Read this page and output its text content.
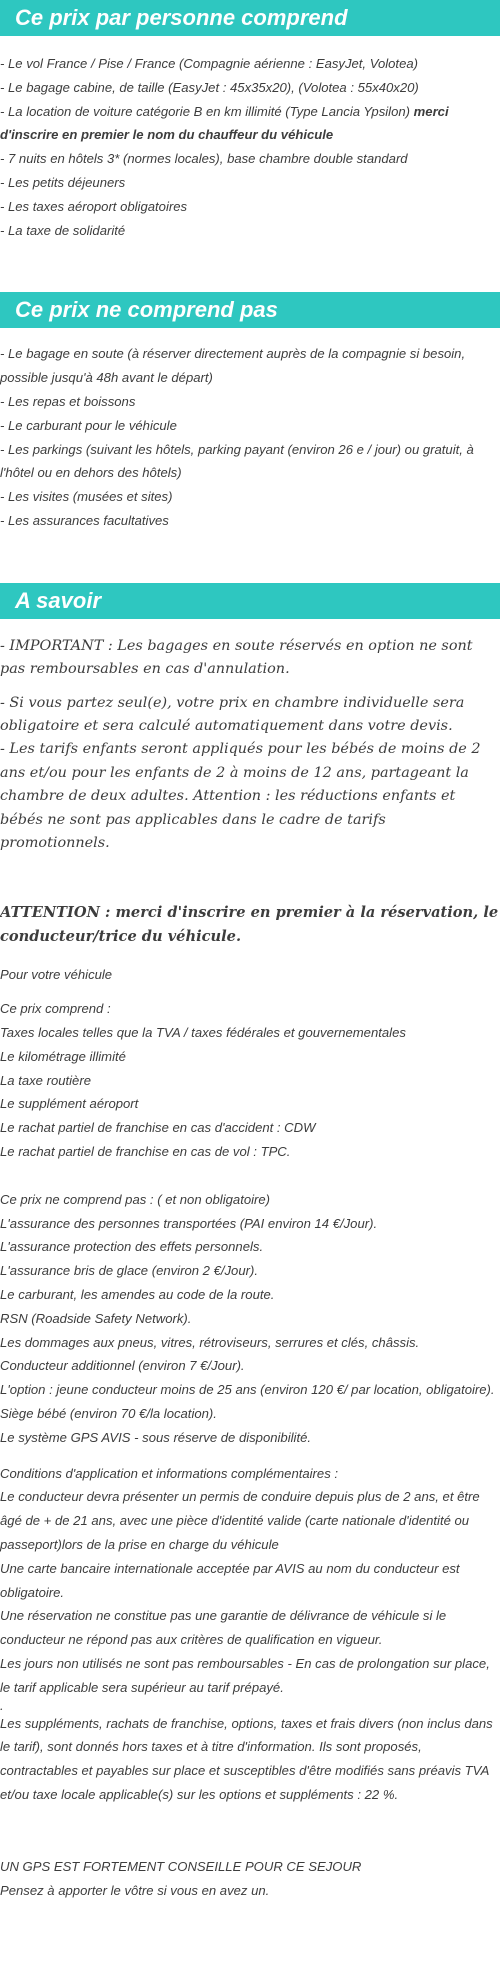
Ce prix par personne comprend
- Le vol France / Pise / France (Compagnie aérienne : EasyJet, Volotea)
- Le bagage cabine, de taille (EasyJet : 45x35x20), (Volotea : 55x40x20)
- La location de voiture catégorie B en km illimité (Type Lancia Ypsilon) merci d'inscrire en premier le nom du chauffeur du véhicule
- 7 nuits en hôtels 3* (normes locales), base chambre double standard
- Les petits déjeuners
- Les taxes aéroport obligatoires
- La taxe de solidarité
Ce prix ne comprend pas
- Le bagage en soute (à réserver directement auprès de la compagnie si besoin, possible jusqu'à 48h avant le départ)
- Les repas et boissons
- Le carburant pour le véhicule
- Les parkings (suivant les hôtels, parking payant (environ 26 e / jour) ou gratuit, à l'hôtel ou en dehors des hôtels)
- Les visites (musées et sites)
- Les assurances facultatives
A savoir

- IMPORTANT : Les bagages en soute réservés en option ne sont pas remboursables en cas d'annulation.

- Si vous partez seul(e), votre prix en chambre individuelle sera obligatoire et sera calculé automatiquement dans votre devis.

- Les tarifs enfants seront appliqués pour les bébés de moins de 2 ans et/ou pour les enfants de 2 à moins de 12 ans, partageant la chambre de deux adultes. Attention : les réductions enfants et bébés ne sont pas applicables dans le cadre de tarifs promotionnels.

ATTENTION : merci d'inscrire en premier à la réservation, le conducteur/trice du véhicule.
Pour votre véhicule
Ce prix comprend :
Taxes locales telles que la TVA / taxes fédérales et gouvernementales
Le kilométrage illimité
La taxe routière
Le supplément aéroport
Le rachat partiel de franchise en cas d'accident : CDW
Le rachat partiel de franchise en cas de vol : TPC.
Ce prix ne comprend pas : ( et non obligatoire)
L'assurance des personnes transportées (PAI environ 14 €/Jour).
L'assurance protection des effets personnels.
L'assurance bris de glace (environ 2 €/Jour).
Le carburant, les amendes au code de la route.
RSN (Roadside Safety Network).
Les dommages aux pneus, vitres, rétroviseurs, serrures et clés, châssis.
Conducteur additionnel (environ 7 €/Jour).
L'option : jeune conducteur moins de 25 ans (environ 120 €/ par location, obligatoire).
Siège bébé (environ 70 €/la location).
Le système GPS AVIS - sous réserve de disponibilité.
Conditions d'application et informations complémentaires :
Le conducteur devra présenter un permis de conduire depuis plus de 2 ans, et être âgé de + de 21 ans, avec une pièce d'identité valide (carte nationale d'identité ou passeport)lors de la prise en charge du véhicule
Une carte bancaire internationale acceptée par AVIS au nom du conducteur est obligatoire.
Une réservation ne constitue pas une garantie de délivrance de véhicule si le conducteur ne répond pas aux critères de qualification en vigueur.
Les jours non utilisés ne sont pas remboursables - En cas de prolongation sur place, le tarif applicable sera supérieur au tarif prépayé.
.
Les suppléments, rachats de franchise, options, taxes et frais divers (non inclus dans le tarif), sont donnés hors taxes et à titre d'information. Ils sont proposés, contractables et payables sur place et susceptibles d'être modifiés sans préavis TVA et/ou taxe locale applicable(s) sur les options et suppléments : 22 %.
UN GPS EST FORTEMENT CONSEILLE POUR CE SEJOUR
Pensez à apporter le vôtre si vous en avez un.
